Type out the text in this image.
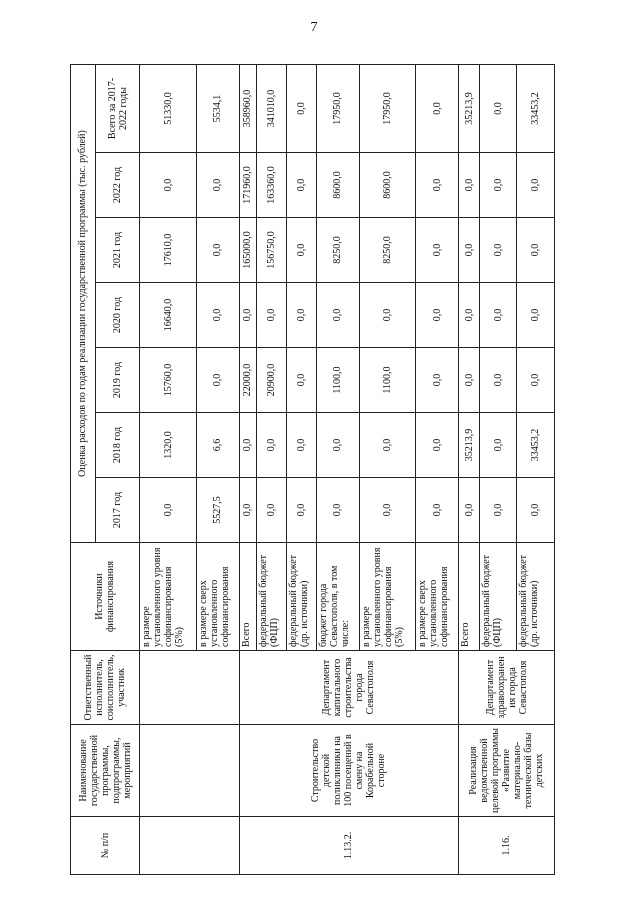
7
№ п/п	Наименование государственной программы, подпрограммы, мероприятий	Ответственный исполнитель, соисполнитель, участник	Источники финансирования	Оценка расходов по годам реализации государственной программы (тыс. рублей)						
				2017 год	2018 год	2019 год	2020 год	2021 год	2022 год	Всего за 2017-2022 годы
			в размере установленного уровня софинансирования (5%)	0,0	1320,0	15760,0	16640,0	17610,0	0,0	51330,0
			в размере сверх установленного софинансирования	5527,5	6,6	0,0	0,0	0,0	0,0	5534,1
1.13.2.	Строительство детской поликлиники на 100 посещений в смену на Корабельной стороне	Департамент капитального строительства города Севастополя	Всего	0,0	0,0	22000,0	0,0	165000,0	171960,0	358960,0
			федеральный бюджет (ФЦП)	0,0	0,0	20900,0	0,0	156750,0	163360,0	341010,0
			федеральный бюджет (др. источники)	0,0	0,0	0,0	0,0	0,0	0,0	0,0
			бюджет города Севастополя, в том числе:	0,0	0,0	1100,0	0,0	8250,0	8600,0	17950,0
			в размере установленного уровня софинансирования (5%)	0,0	0,0	1100,0	0,0	8250,0	8600,0	17950,0
			в размере сверх установленного софинансирования	0,0	0,0	0,0	0,0	0,0	0,0	0,0
1.16.	Реализация ведомственной целевой программы «Развитие материально-технической базы детских	Департамент здравоохранения города Севастополя	Всего	0,0	35213,9	0,0	0,0	0,0	0,0	35213,9
			федеральный бюджет (ФЦП)	0,0	0,0	0,0	0,0	0,0	0,0	0,0
			федеральный бюджет (др. источники)	0,0	33453,2	0,0	0,0	0,0	0,0	33453,2
